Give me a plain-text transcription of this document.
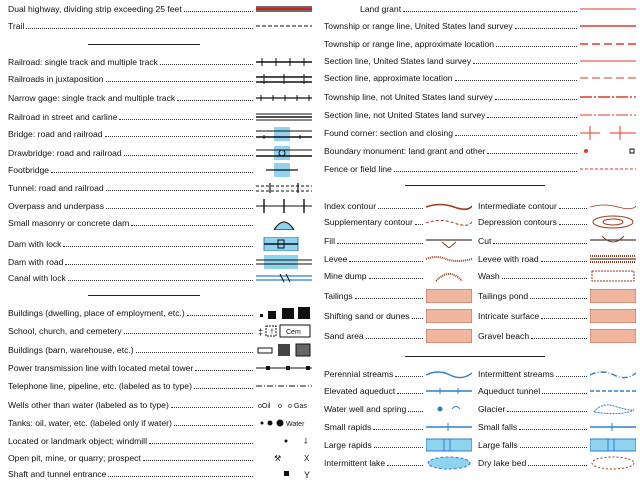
Dual highway, dividing strip exceeding 25 feet
Trail
Railroad: single track and multiple track
Railroads in juxtaposition
Narrow gage: single track and multiple track
Railroad in street and carline
Bridge: road and railroad
Drawbridge: road and railroad
Footbridge
Tunnel: road and railroad
Overpass and underpass
Small masonry or concrete dam
Dam with lock
Dam with road
Canal with lock
Buildings (dwelling, place of employment, etc.)
School, church, and cemetery	‡ † Cem
Buildings (barn, warehouse, etc.)
Power transmission line with located metal tower
Telephone line, pipeline, etc. (labeled as to type)
Wells other than water (labeled as to type)	oOil o o Gas
Tanks: oil, water, etc. (labeled only if water)	Water
Located or landmark object; windmill	⸸
Open pit, mine, or quarry; prospect	⚒	X
Shaft and tunnel entrance	Y
Land grant
Township or range line, United States land survey
Township or range line, approximate location
Section line, United States land survey
Section line, approximate location
Township line, not United States land survey
Section line, not United States land survey
Found corner: section and closing
Boundary monument: land grant and other
Fence or field line
Index contour	Intermediate contour
Supplementary contour	Depression contours
Fill	Cut
Levee	Levee with road
Mine dump	Wash
Tailings	Tailings pond
Shifting sand or dunes	Intricate surface
Sand area	Gravel beach
Perennial streams	Intermittent streams
Elevated aqueduct	Aqueduct tunnel
Water well and spring	Glacier
Small rapids	Small falls
Large rapids	Large falls
Intermittent lake	Dry lake bed
